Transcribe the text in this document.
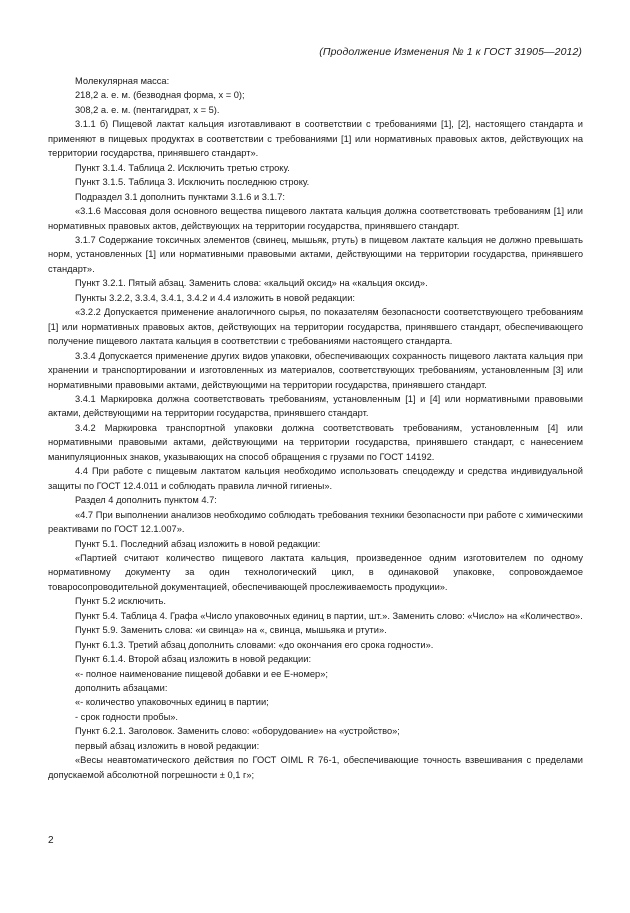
(Продолжение Изменения № 1 к ГОСТ 31905—2012)

Молекулярная масса:

218,2 а. е. м. (безводная форма, x = 0);

308,2 а. е. м. (пентагидрат, x = 5).

3.1.1 б) Пищевой лактат кальция изготавливают в соответствии с требованиями [1], [2], настоящего стандарта и применяют в пищевых продуктах в соответствии с требованиями [1] или нормативных правовых актов, действующих на территории государства, принявшего стандарт».

Пункт 3.1.4. Таблица 2. Исключить третью строку.

Пункт 3.1.5. Таблица 3. Исключить последнюю строку.

Подраздел 3.1 дополнить пунктами 3.1.6 и 3.1.7:

«3.1.6 Массовая доля основного вещества пищевого лактата кальция должна соответствовать требованиям [1] или нормативных правовых актов, действующих на территории государства, принявшего стандарт.

3.1.7 Содержание токсичных элементов (свинец, мышьяк, ртуть) в пищевом лактате кальция не должно превышать норм, установленных [1] или нормативными правовыми актами, действующими на территории государства, принявшего стандарт».

Пункт 3.2.1. Пятый абзац. Заменить слова: «кальций оксид» на «кальция оксид».

Пункты 3.2.2, 3.3.4, 3.4.1, 3.4.2 и 4.4 изложить в новой редакции:

«3.2.2 Допускается применение аналогичного сырья, по показателям безопасности соответствующего требованиям [1] или нормативных правовых актов, действующих на территории государства, принявшего стандарт, обеспечивающего получение пищевого лактата кальция в соответствии с требованиями настоящего стандарта.

3.3.4 Допускается применение других видов упаковки, обеспечивающих сохранность пищевого лактата кальция при хранении и транспортировании и изготовленных из материалов, соответствующих требованиям, установленным [3] или нормативными правовыми актами, действующими на территории государства, принявшего стандарт.

3.4.1 Маркировка должна соответствовать требованиям, установленным [1] и [4] или нормативными правовыми актами, действующими на территории государства, принявшего стандарт.

3.4.2 Маркировка транспортной упаковки должна соответствовать требованиям, установленным [4] или нормативными правовыми актами, действующими на территории государства, принявшего стандарт, с нанесением манипуляционных знаков, указывающих на способ обращения с грузами по ГОСТ 14192.

4.4 При работе с пищевым лактатом кальция необходимо использовать спецодежду и средства индивидуальной защиты по ГОСТ 12.4.011 и соблюдать правила личной гигиены».

Раздел 4 дополнить пунктом 4.7:

«4.7 При выполнении анализов необходимо соблюдать требования техники безопасности при работе с химическими реактивами по ГОСТ 12.1.007».

Пункт 5.1. Последний абзац изложить в новой редакции:

«Партией считают количество пищевого лактата кальция, произведенное одним изготовителем по одному нормативному документу за один технологический цикл, в одинаковой упаковке, сопровождаемое товаросопроводительной документацией, обеспечивающей прослеживаемость продукции».

Пункт 5.2 исключить.

Пункт 5.4. Таблица 4. Графа «Число упаковочных единиц в партии, шт.». Заменить слово: «Число» на «Количество».

Пункт 5.9. Заменить слова: «и свинца» на «, свинца, мышьяка и ртути».

Пункт 6.1.3. Третий абзац дополнить словами: «до окончания его срока годности».

Пункт 6.1.4. Второй абзац изложить в новой редакции:

«- полное наименование пищевой добавки и ее Е-номер»;

дополнить абзацами:

«- количество упаковочных единиц в партии;

- срок годности пробы».

Пункт 6.2.1. Заголовок. Заменить слово: «оборудование» на «устройство»;

первый абзац изложить в новой редакции:

«Весы неавтоматического действия по ГОСТ OIML R 76-1, обеспечивающие точность взвешивания с пределами допускаемой абсолютной погрешности ± 0,1 г»;

2
